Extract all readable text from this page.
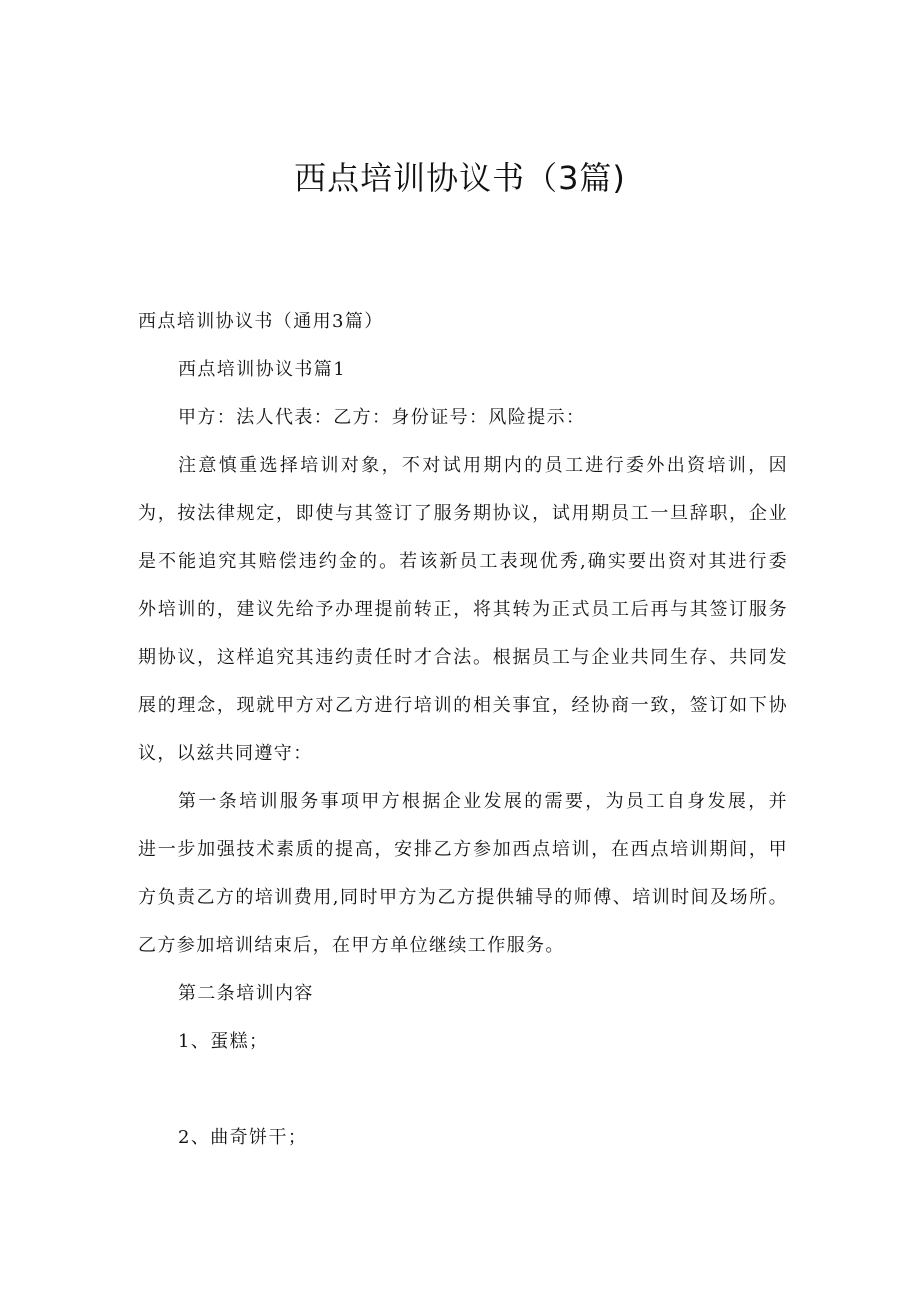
西点培训协议书（3篇)

西点培训协议书（通用3篇）

西点培训协议书篇1

甲方：法人代表：乙方：身份证号：风险提示：

注意慎重选择培训对象，不对试用期内的员工进行委外出资培训，因
为，按法律规定，即使与其签订了服务期协议，试用期员工一旦辞职，企业
是不能追究其赔偿违约金的。若该新员工表现优秀,确实要出资对其进行委
外培训的，建议先给予办理提前转正，将其转为正式员工后再与其签订服务
期协议，这样追究其违约责任时才合法。根据员工与企业共同生存、共同发
展的理念，现就甲方对乙方进行培训的相关事宜，经协商一致，签订如下协
议，以兹共同遵守：
第一条培训服务事项甲方根据企业发展的需要，为员工自身发展，并
进一步加强技术素质的提高，安排乙方参加西点培训，在西点培训期间，甲
方负责乙方的培训费用,同时甲方为乙方提供辅导的师傅、培训时间及场所。
乙方参加培训结束后，在甲方单位继续工作服务。

第二条培训内容

1、蛋糕；

2、曲奇饼干；
